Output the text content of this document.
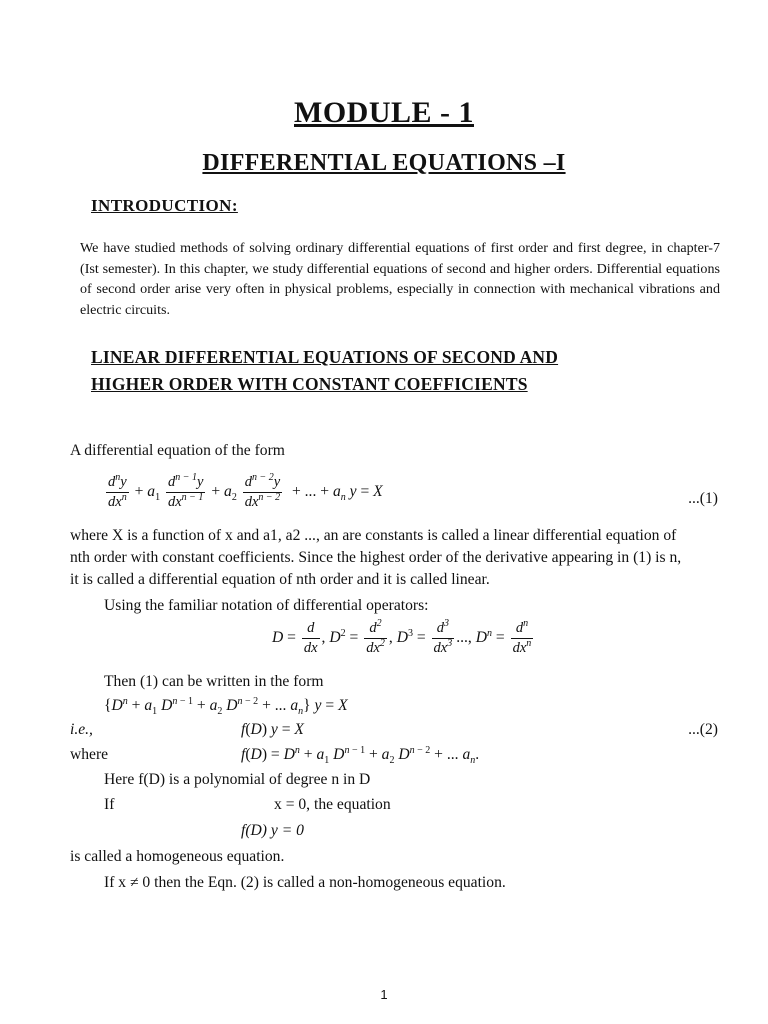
MODULE - 1
DIFFERENTIAL EQUATIONS –I
INTRODUCTION:
We have studied methods of solving ordinary differential equations of first order and first degree, in chapter-7 (Ist semester). In this chapter, we study differential equations of second and higher orders. Differential equations of second order arise very often in physical problems, especially in connection with mechanical vibrations and electric circuits.
LINEAR DIFFERENTIAL EQUATIONS OF SECOND AND
HIGHER ORDER WITH CONSTANT COEFFICIENTS
A differential equation of the form
$\frac{d^ny}{dx^n} + a_1 \frac{d^{n - 1}y}{dx^{n - 1}} + a_2 \frac{d^{n - 2}y}{dx^{n - 2}}$ + ... + $a_n$ y = X	...(1)
where X is a function of x and a1, a2 ..., an are constants is called a linear differential equation of
nth order with constant coefficients. Since the highest order of the derivative appearing in (1) is n,
it is called a differential equation of nth order and it is called linear.
Using the familiar notation of differential operators:
$D = \frac{d}{dx}$ , $D^2 = \frac{d^2}{dx^2}$ , $D^3 = \frac{d^3}{dx^3}$ ..., $D^n = \frac{d^n}{dx^n}$
Then (1) can be written in the form
{$D^n + a_1$ $D^{n - 1} + a_2$ $D^{n - 2}$ + ... $a_n$} y = X
i.e.,	f(D) y = X	...(2)
where	$f(D) = D^n + a_1$ $D^{n - 1} + a_2$ $D^{n - 2}$ + ... $a_n$.
Here f(D) is a polynomial of degree n in D
If	x = 0, the equation
f(D) y = 0
is called a homogeneous equation.
If x ≠ 0 then the Eqn. (2) is called a non-homogeneous equation.
1
